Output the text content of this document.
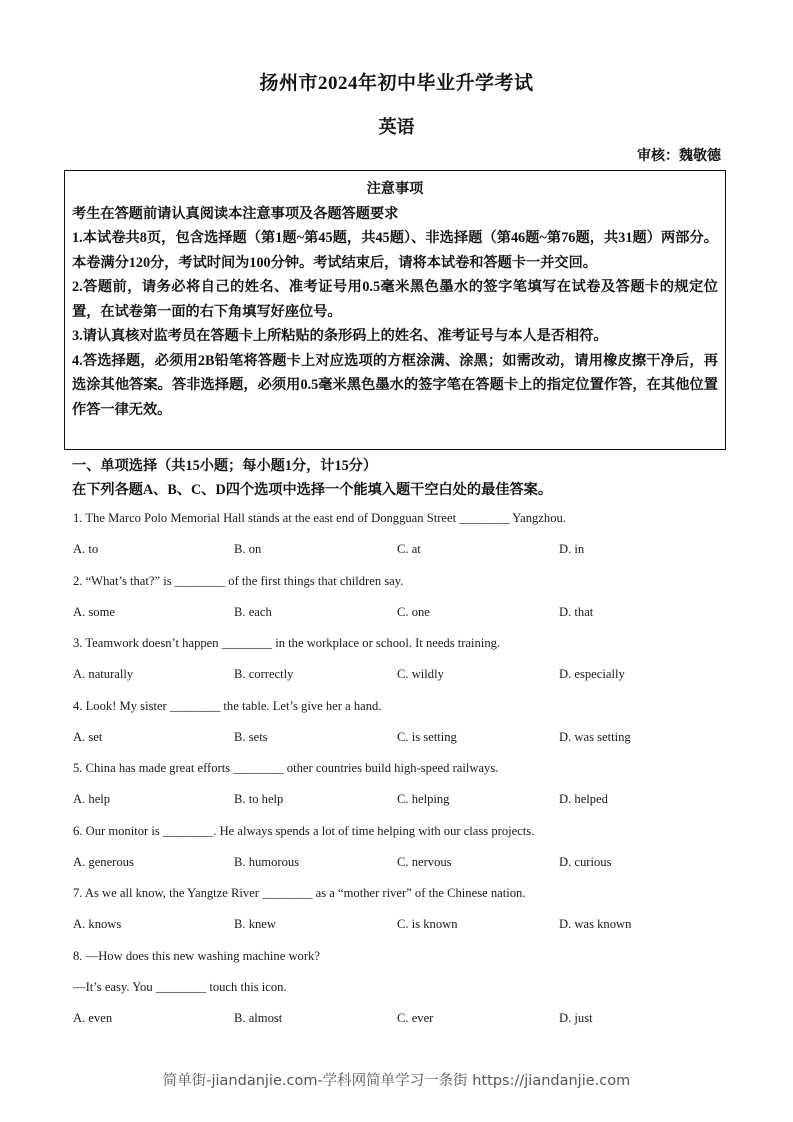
扬州市2024年初中毕业升学考试
英语
审核：魏敬德
注意事项
考生在答题前请认真阅读本注意事项及各题答题要求
1.本试卷共8页，包含选择题（第1题~第45题，共45题）、非选择题（第46题~第76题，共31题）两部分。本卷满分120分，考试时间为100分钟。考试结束后，请将本试卷和答题卡一并交回。
2.答题前，请务必将自己的姓名、准考证号用0.5毫米黑色墨水的签字笔填写在试卷及答题卡的规定位置，在试卷第一面的右下角填写好座位号。
3.请认真核对监考员在答题卡上所粘贴的条形码上的姓名、准考证号与本人是否相符。
4.答选择题，必须用2B铅笔将答题卡上对应选项的方框涂满、涂黑；如需改动，请用橡皮擦干净后，再选涂其他答案。答非选择题，必须用0.5毫米黑色墨水的签字笔在答题卡上的指定位置作答，在其他位置作答一律无效。
一、单项选择（共15小题；每小题1分，计15分）
在下列各题A、B、C、D四个选项中选择一个能填入题干空白处的最佳答案。
1. The Marco Polo Memorial Hall stands at the east end of Dongguan Street ________ Yangzhou.
A. to	B. on	C. at	D. in
2. “What’s that?” is ________ of the first things that children say.
A. some	B. each	C. one	D. that
3. Teamwork doesn’t happen ________ in the workplace or school. It needs training.
A. naturally	B. correctly	C. wildly	D. especially
4. Look! My sister ________ the table. Let’s give her a hand.
A. set	B. sets	C. is setting	D. was setting
5. China has made great efforts ________ other countries build high-speed railways.
A. help	B. to help	C. helping	D. helped
6. Our monitor is ________. He always spends a lot of time helping with our class projects.
A. generous	B. humorous	C. nervous	D. curious
7. As we all know, the Yangtze River ________ as a “mother river” of the Chinese nation.
A. knows	B. knew	C. is known	D. was known
8. —How does this new washing machine work?
—It’s easy. You ________ touch this icon.
A. even	B. almost	C. ever	D. just
简单街-jiandanjie.com-学科网简单学习一条街 https://jiandanjie.com
